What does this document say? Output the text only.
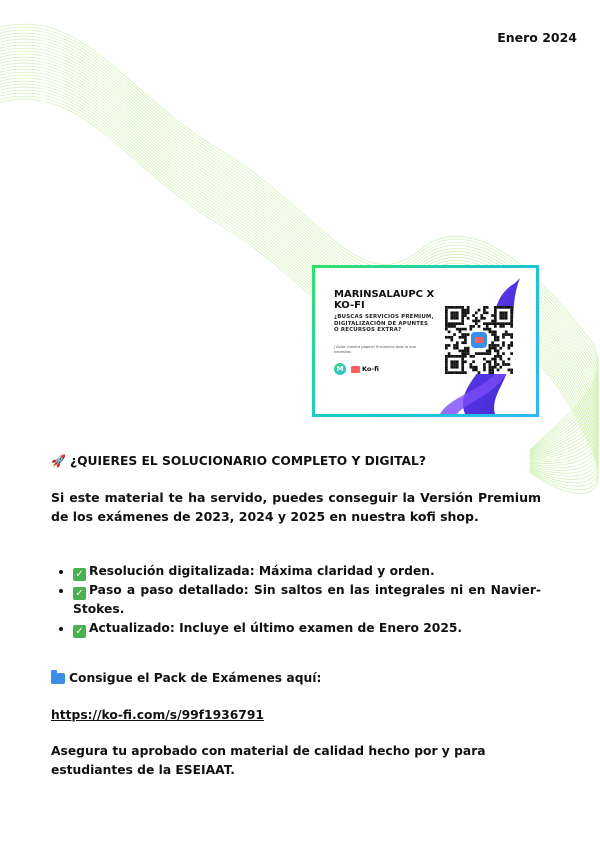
Enero 2024
MARINSALAUPC X KO-FI
¿BUSCAS SERVICIOS PREMIUM, DIGITALIZACIÓN DE APUNTES O RECURSOS EXTRA?
¡Visita nuestra página! Encuentra todo lo que necesitas
M	Ko-fi
🚀 ¿QUIERES EL SOLUCIONARIO COMPLETO Y DIGITAL?
Si este material te ha servido, puedes conseguir la Versión Premium de los exámenes de 2023, 2024 y 2025 en nuestra kofi shop.
• ✓ Resolución digitalizada: Máxima claridad y orden.
• ✓ Paso a paso detallado: Sin saltos en las integrales ni en Navier-Stokes.
• ✓ Actualizado: Incluye el último examen de Enero 2025.
Consigue el Pack de Exámenes aquí:
https://ko-fi.com/s/99f1936791
Asegura tu aprobado con material de calidad hecho por y para estudiantes de la ESEIAAT.
